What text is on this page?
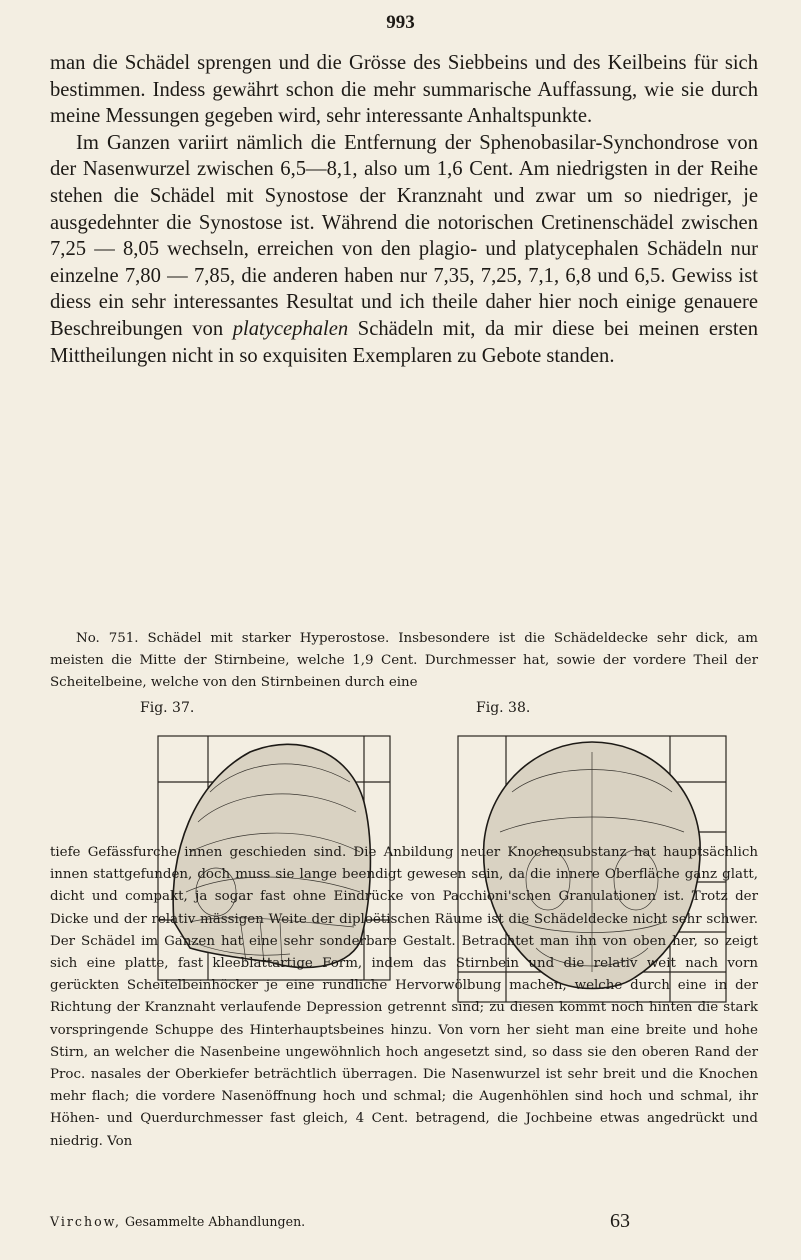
993

man die Schädel sprengen und die Grösse des Siebbeins und des Keilbeins für sich bestimmen. Indess gewährt schon die mehr summarische Auffassung, wie sie durch meine Messungen gegeben wird, sehr interessante Anhaltspunkte.

Im Ganzen variirt nämlich die Entfernung der Sphenobasilar-Synchondrose von der Nasenwurzel zwischen 6,5—8,1, also um 1,6 Cent. Am niedrigsten in der Reihe stehen die Schädel mit Synostose der Kranznaht und zwar um so niedriger, je ausgedehnter die Synostose ist. Während die notorischen Cretinenschädel zwischen 7,25 — 8,05 wechseln, erreichen von den plagio- und platycephalen Schädeln nur einzelne 7,80 — 7,85, die anderen haben nur 7,35, 7,25, 7,1, 6,8 und 6,5. Gewiss ist diess ein sehr interessantes Resultat und ich theile daher hier noch einige genauere Beschreibungen von platycephalen Schädeln mit, da mir diese bei meinen ersten Mittheilungen nicht in so exquisiten Exemplaren zu Gebote standen.

No. 751. Schädel mit starker Hyperostose. Insbesondere ist die Schädeldecke sehr dick, am meisten die Mitte der Stirnbeine, welche 1,9 Cent. Durchmesser hat, sowie der vordere Theil der Scheitelbeine, welche von den Stirnbeinen durch eine

Fig. 37.	Fig. 38.

tiefe Gefässfurche innen geschieden sind. Die Anbildung neuer Knochensubstanz hat hauptsächlich innen stattgefunden, doch muss sie lange beendigt gewesen sein, da die innere Oberfläche ganz glatt, dicht und compakt, ja sogar fast ohne Eindrücke von Pacchioni'schen Granulationen ist. Trotz der Dicke und der relativ mässigen Weite der diploëtischen Räume ist die Schädeldecke nicht sehr schwer. Der Schädel im Ganzen hat eine sehr sonderbare Gestalt. Betrachtet man ihn von oben her, so zeigt sich eine platte, fast kleeblattartige Form, indem das Stirnbein und die relativ weit nach vorn gerückten Scheitelbeinhöcker je eine rundliche Hervorwölbung machen, welche durch eine in der Richtung der Kranznaht verlaufende Depression getrennt sind; zu diesen kommt noch hinten die stark vorspringende Schuppe des Hinterhauptsbeines hinzu. Von vorn her sieht man eine breite und hohe Stirn, an welcher die Nasenbeine ungewöhnlich hoch angesetzt sind, so dass sie den oberen Rand der Proc. nasales der Oberkiefer beträchtlich überragen. Die Nasenwurzel ist sehr breit und die Knochen mehr flach; die vordere Nasenöffnung hoch und schmal; die Augenhöhlen sind hoch und schmal, ihr Höhen- und Querdurchmesser fast gleich, 4 Cent. betragend, die Jochbeine etwas angedrückt und niedrig. Von

Virchow, Gesammelte Abhandlungen.	63
